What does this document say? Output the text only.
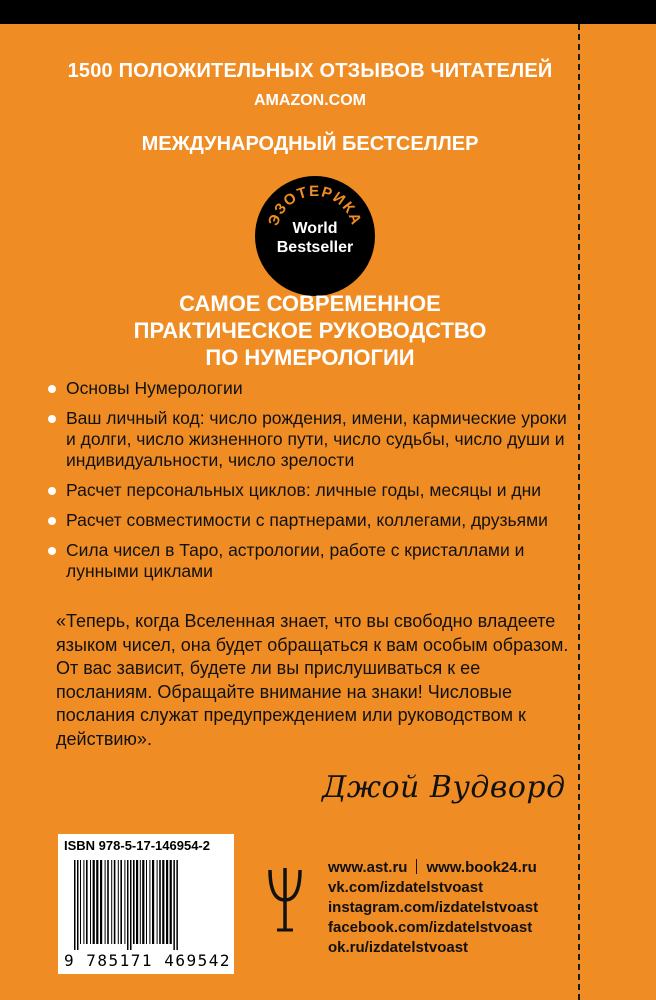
1500 ПОЛОЖИТЕЛЬНЫХ ОТЗЫВОВ ЧИТАТЕЛЕЙ
AMAZON.COM
МЕЖДУНАРОДНЫЙ БЕСТСЕЛЛЕР
ЭЗОТЕРИКА
World
Bestseller
САМОЕ СОВРЕМЕННОЕ
ПРАКТИЧЕСКОЕ РУКОВОДСТВО
ПО НУМЕРОЛОГИИ
Основы Нумерологии
Ваш личный код: число рождения, имени, кармические уроки и долги, число жизненного пути, число судьбы, число души и индивидуальности, число зрелости
Расчет персональных циклов: личные годы, месяцы и дни
Расчет совместимости с партнерами, коллегами, друзьями
Сила чисел в Таро, астрологии, работе с кристаллами и лунными циклами
«Теперь, когда Вселенная знает, что вы свободно владеете языком чисел, она будет обращаться к вам особым образом. От вас зависит, будете ли вы прислушиваться к ее посланиям. Обращайте внимание на знаки! Числовые послания служат предупреждением или руководством к действию».
Джой Вудворд
ISBN 978-5-17-146954-2
9 785171 469542
www.ast.ru www.book24.ru
vk.com/izdatelstvoast
instagram.com/izdatelstvoast
facebook.com/izdatelstvoast
ok.ru/izdatelstvoast
